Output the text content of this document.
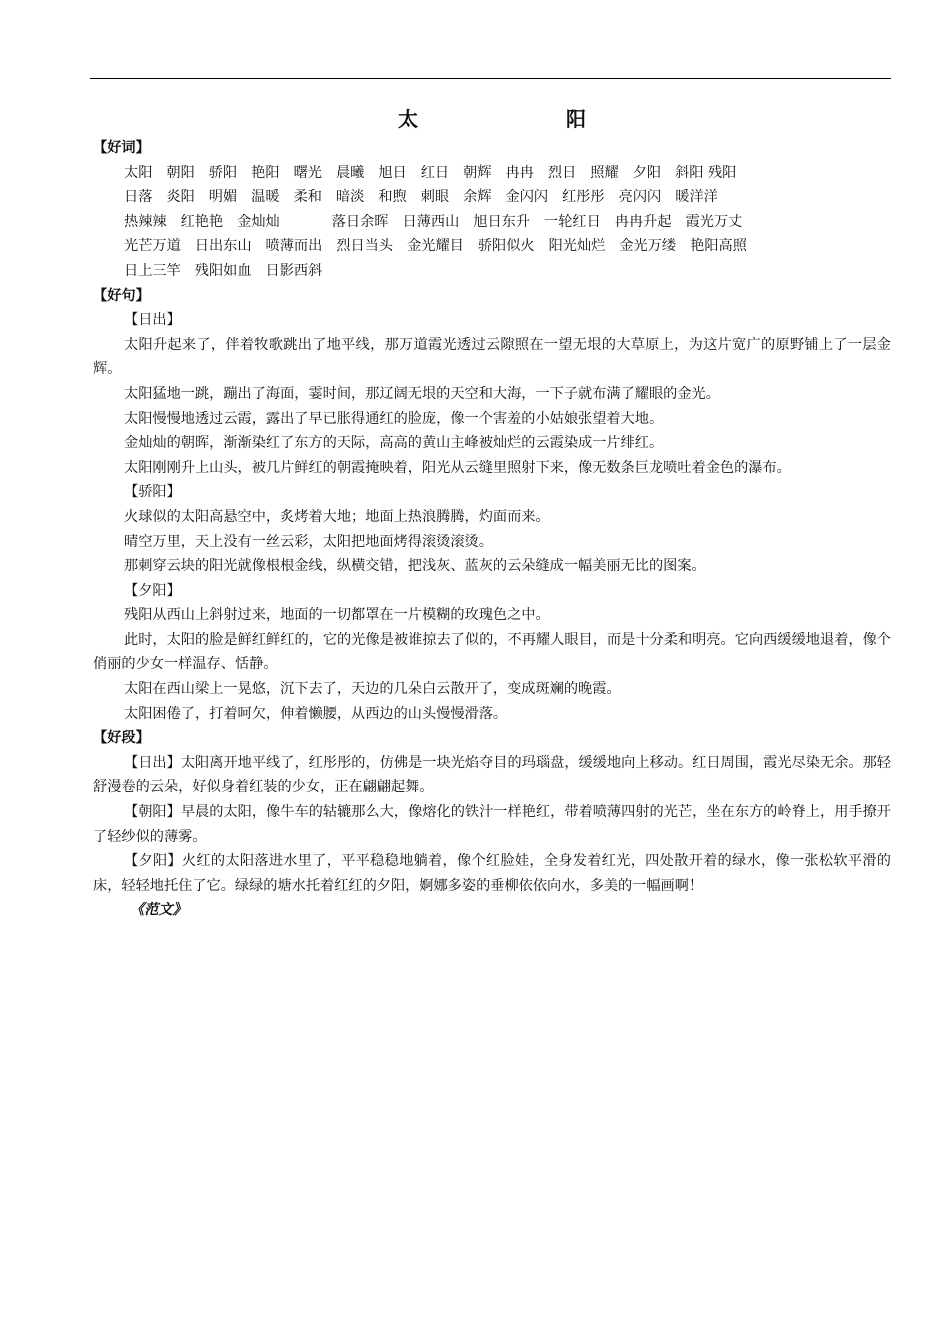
太　阳
【好词】
太阳 朝阳 骄阳 艳阳 曙光 晨曦 旭日 红日 朝辉 冉冉 烈日 照耀 夕阳 斜阳 残阳
日落 炎阳 明媚 温暖 柔和 暗淡 和煦 刺眼 余辉 金闪闪 红彤彤 亮闪闪 暖洋洋
热辣辣 红艳艳 金灿灿	落日余晖 日薄西山 旭日东升 一轮红日 冉冉升起 霞光万丈
光芒万道 日出东山 喷薄而出 烈日当头 金光耀目 骄阳似火 阳光灿烂 金光万缕 艳阳高照
日上三竿 残阳如血 日影西斜
【好句】
【日出】

太阳升起来了，伴着牧歌跳出了地平线，那万道霞光透过云隙照在一望无垠的大草原上，为这片宽广的原野铺上了一层金辉。

太阳猛地一跳，蹦出了海面，霎时间，那辽阔无垠的天空和大海，一下子就布满了耀眼的金光。

太阳慢慢地透过云霞，露出了早已胀得通红的脸庞，像一个害羞的小姑娘张望着大地。

金灿灿的朝晖，渐渐染红了东方的天际，高高的黄山主峰被灿烂的云霞染成一片绯红。

太阳刚刚升上山头，被几片鲜红的朝霞掩映着，阳光从云缝里照射下来，像无数条巨龙喷吐着金色的瀑布。

【骄阳】

火球似的太阳高悬空中，炙烤着大地；地面上热浪腾腾，灼面而来。

晴空万里，天上没有一丝云彩，太阳把地面烤得滚烫滚烫。

那刺穿云块的阳光就像根根金线，纵横交错，把浅灰、蓝灰的云朵缝成一幅美丽无比的图案。

【夕阳】

残阳从西山上斜射过来，地面的一切都罩在一片模糊的玫瑰色之中。

此时，太阳的脸是鲜红鲜红的，它的光像是被谁掠去了似的，不再耀人眼目，而是十分柔和明亮。它向西缓缓地退着，像个俏丽的少女一样温存、恬静。

太阳在西山梁上一晃悠，沉下去了，天边的几朵白云散开了，变成斑斓的晚霞。

太阳困倦了，打着呵欠，伸着懒腰，从西边的山头慢慢滑落。

【好段】

【日出】太阳离开地平线了，红彤彤的，仿佛是一块光焰夺目的玛瑙盘，缓缓地向上移动。红日周围，霞光尽染无余。那轻舒漫卷的云朵，好似身着红装的少女，正在翩翩起舞。

【朝阳】早晨的太阳，像牛车的轱辘那么大，像熔化的铁汁一样艳红，带着喷薄四射的光芒，坐在东方的岭脊上，用手撩开了轻纱似的薄雾。

【夕阳】火红的太阳落进水里了，平平稳稳地躺着，像个红脸娃，全身发着红光，四处散开着的绿水，像一张松软平滑的床，轻轻地托住了它。绿绿的塘水托着红红的夕阳，婀娜多姿的垂柳依依向水，多美的一幅画啊！

《范文》
